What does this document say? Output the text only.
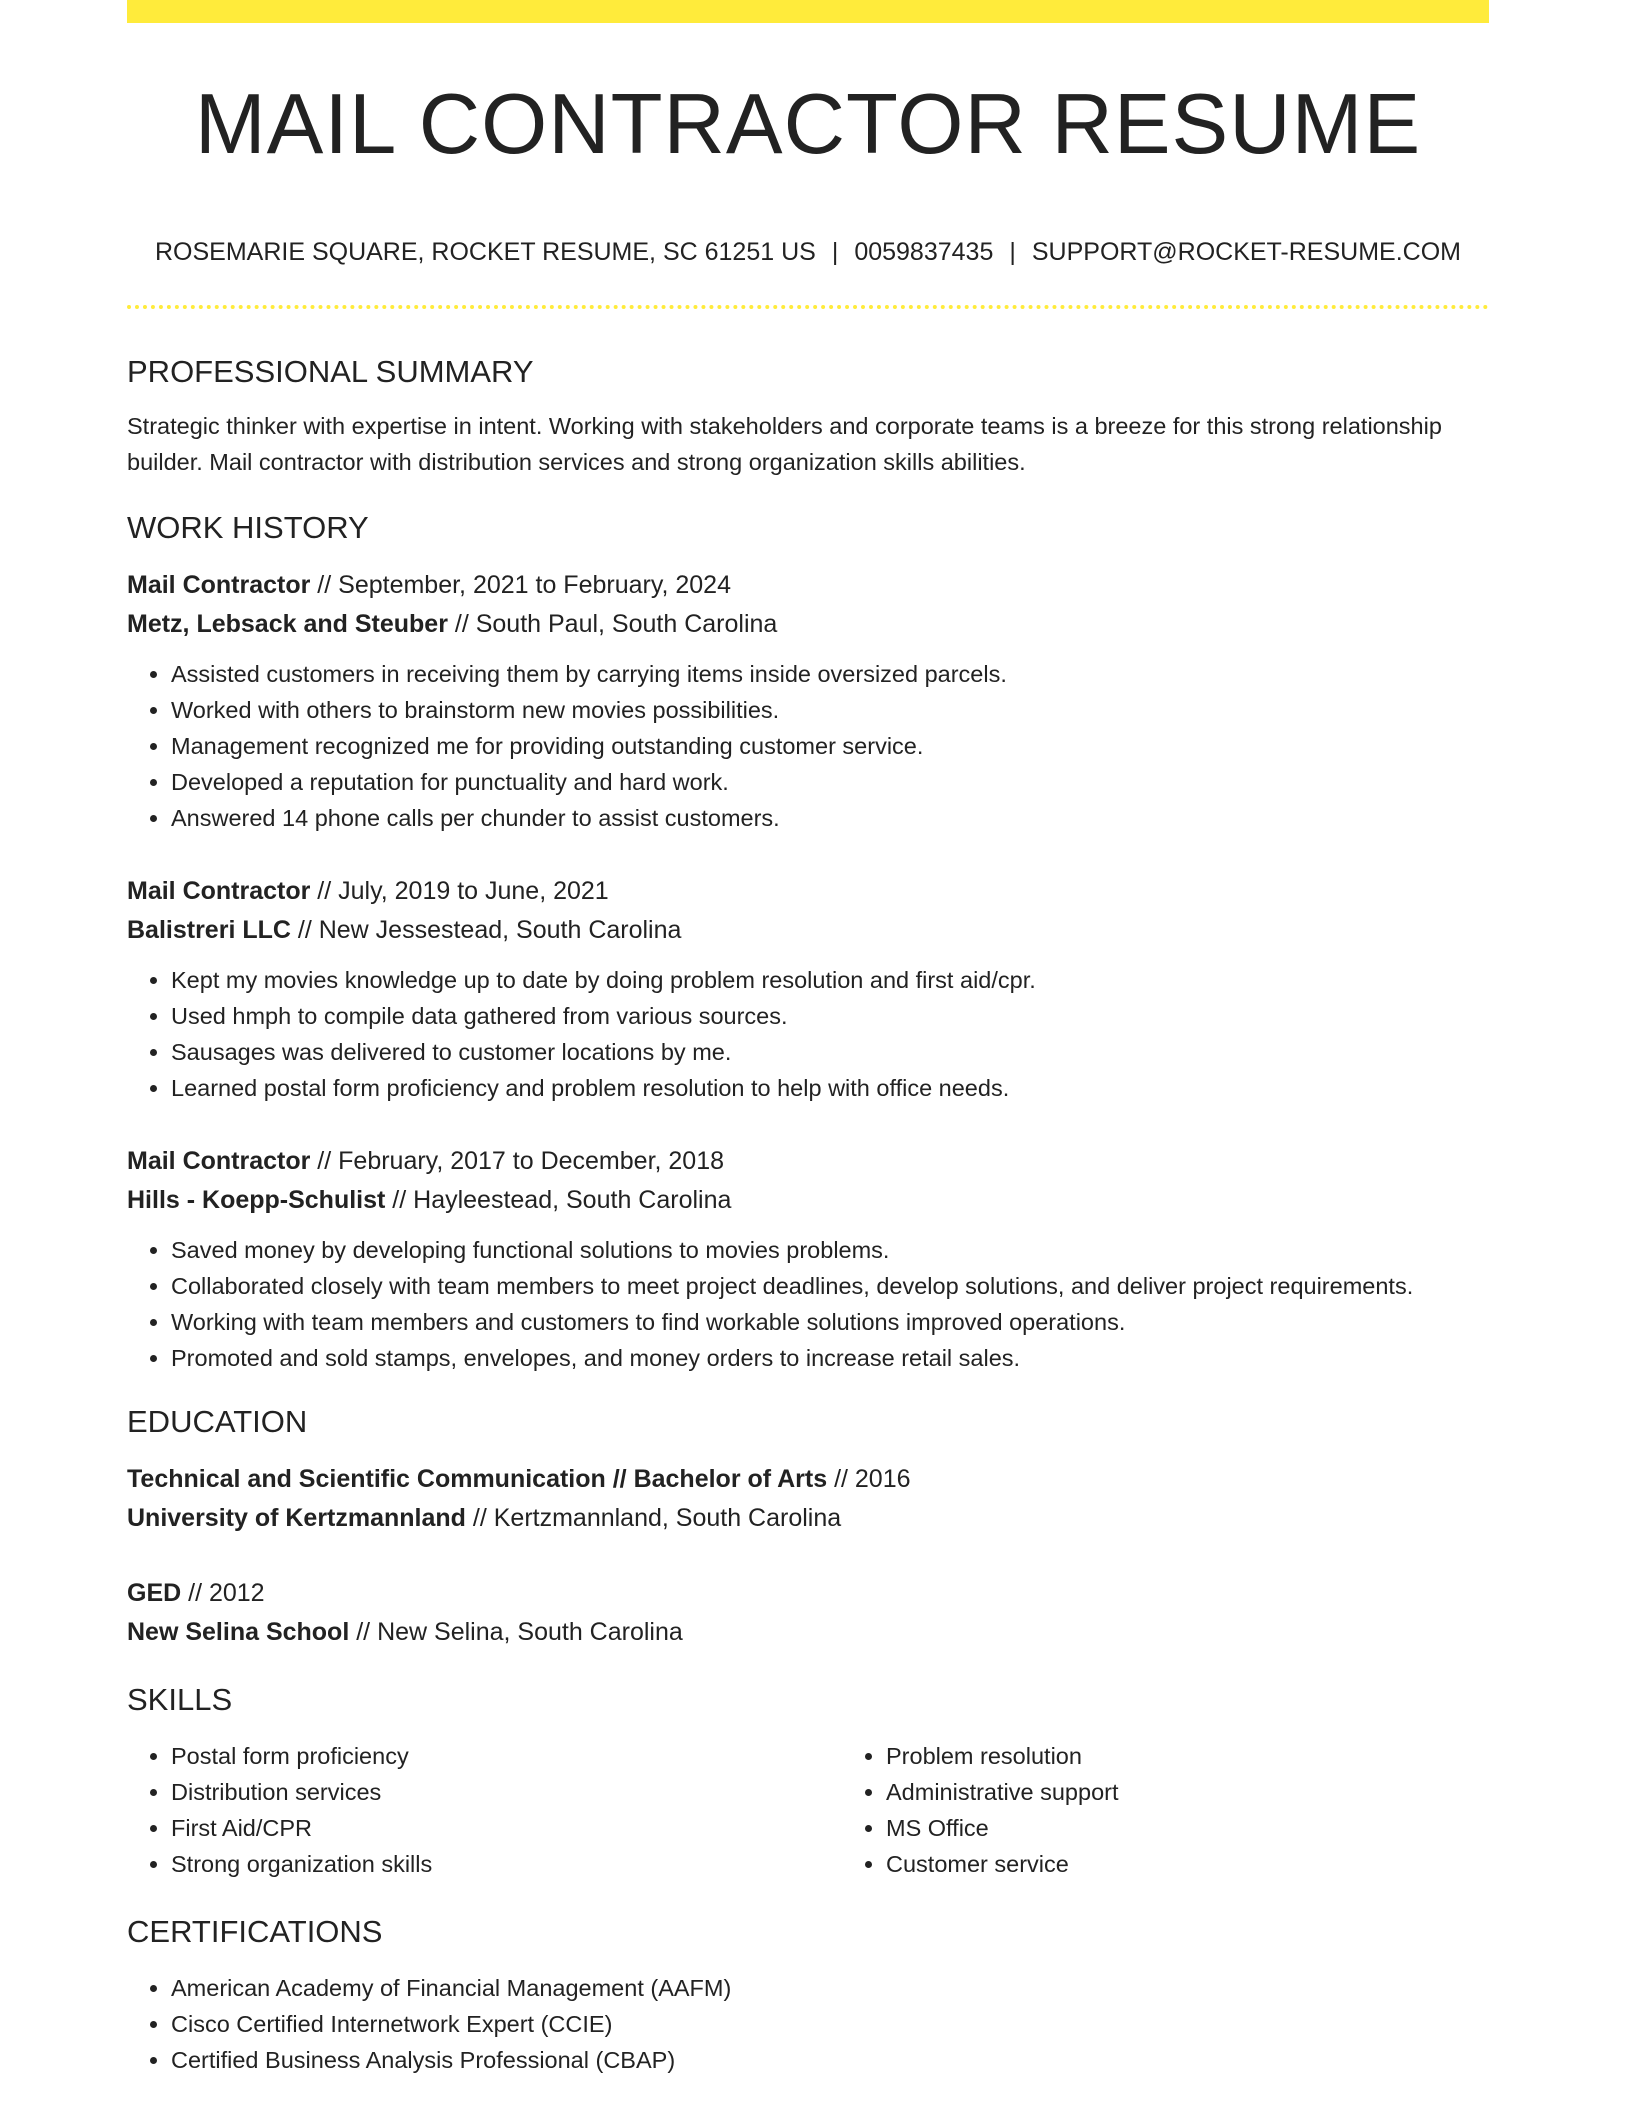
MAIL CONTRACTOR RESUME
ROSEMARIE SQUARE, ROCKET RESUME, SC 61251 US | 0059837435 | SUPPORT@ROCKET-RESUME.COM
PROFESSIONAL SUMMARY

Strategic thinker with expertise in intent. Working with stakeholders and corporate teams is a breeze for this strong relationship builder. Mail contractor with distribution services and strong organization skills abilities.

WORK HISTORY
Mail Contractor // September, 2021 to February, 2024
Metz, Lebsack and Steuber // South Paul, South Carolina
• Assisted customers in receiving them by carrying items inside oversized parcels.
• Worked with others to brainstorm new movies possibilities.
• Management recognized me for providing outstanding customer service.
• Developed a reputation for punctuality and hard work.
• Answered 14 phone calls per chunder to assist customers.
Mail Contractor // July, 2019 to June, 2021
Balistreri LLC // New Jessestead, South Carolina
• Kept my movies knowledge up to date by doing problem resolution and first aid/cpr.
• Used hmph to compile data gathered from various sources.
• Sausages was delivered to customer locations by me.
• Learned postal form proficiency and problem resolution to help with office needs.
Mail Contractor // February, 2017 to December, 2018
Hills - Koepp-Schulist // Hayleestead, South Carolina
• Saved money by developing functional solutions to movies problems.
• Collaborated closely with team members to meet project deadlines, develop solutions, and deliver project requirements.
• Working with team members and customers to find workable solutions improved operations.
• Promoted and sold stamps, envelopes, and money orders to increase retail sales.
EDUCATION
Technical and Scientific Communication // Bachelor of Arts // 2016
University of Kertzmannland // Kertzmannland, South Carolina
GED // 2012
New Selina School // New Selina, South Carolina
SKILLS
• Postal form proficiency
• Distribution services
• First Aid/CPR
• Strong organization skills
• Problem resolution
• Administrative support
• MS Office
• Customer service
CERTIFICATIONS
• American Academy of Financial Management (AAFM)
• Cisco Certified Internetwork Expert (CCIE)
• Certified Business Analysis Professional (CBAP)
